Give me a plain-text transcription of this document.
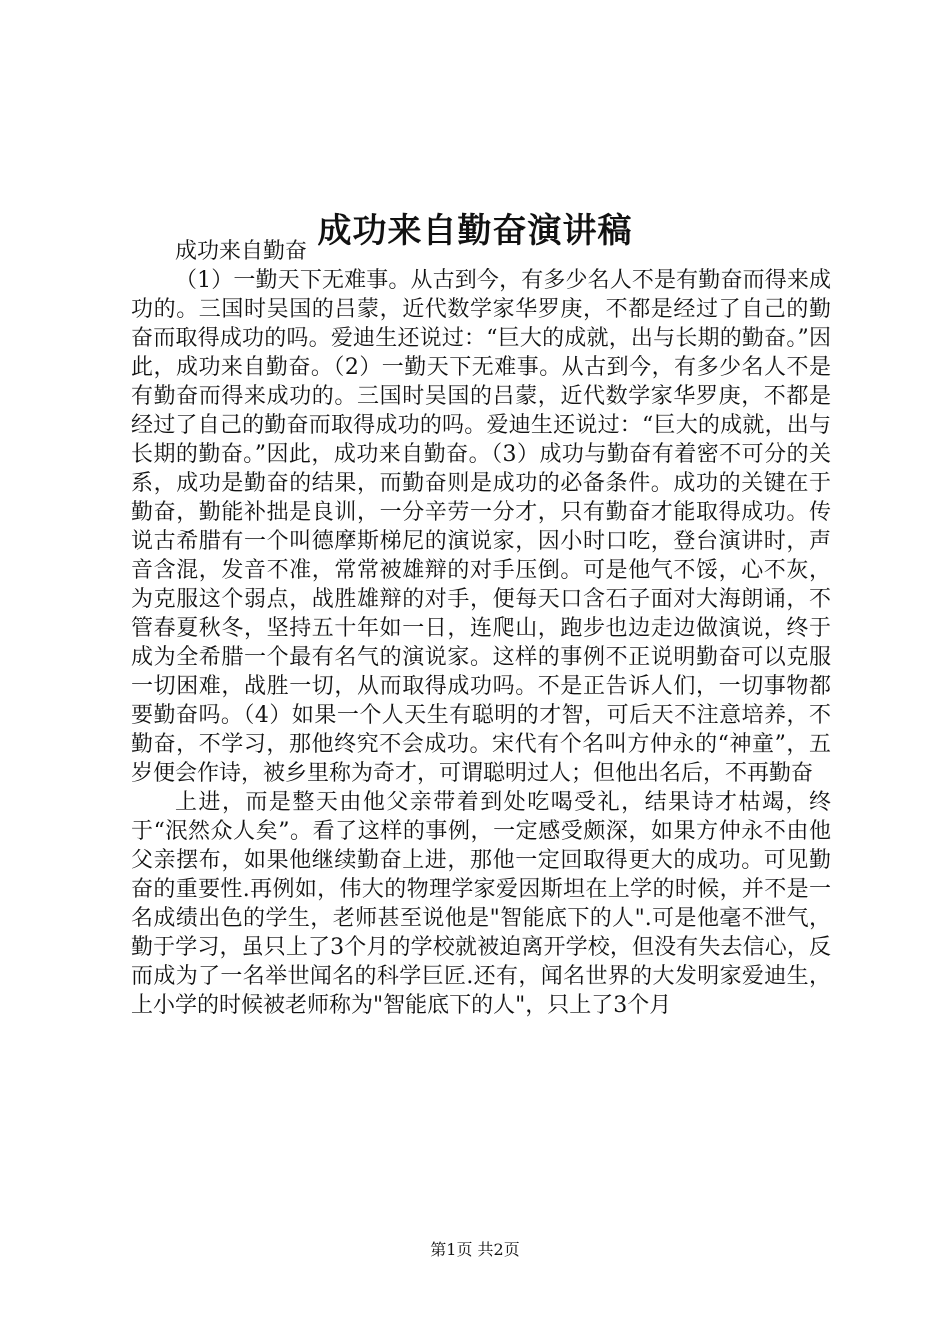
成功来自勤奋演讲稿

成功来自勤奋

（1）一勤天下无难事。从古到今，有多少名人不是有勤奋而得来成功的。三国时吴国的吕蒙，近代数学家华罗庚，不都是经过了自己的勤奋而取得成功的吗。爱迪生还说过：“巨大的成就，出与长期的勤奋。”因此，成功来自勤奋。（2）一勤天下无难事。从古到今，有多少名人不是有勤奋而得来成功的。三国时吴国的吕蒙，近代数学家华罗庚，不都是经过了自己的勤奋而取得成功的吗。爱迪生还说过：“巨大的成就，出与长期的勤奋。”因此，成功来自勤奋。（3）成功与勤奋有着密不可分的关系，成功是勤奋的结果，而勤奋则是成功的必备条件。成功的关键在于勤奋，勤能补拙是良训，一分辛劳一分才，只有勤奋才能取得成功。传说古希腊有一个叫德摩斯梯尼的演说家，因小时口吃，登台演讲时，声音含混，发音不准，常常被雄辩的对手压倒。可是他气不馁，心不灰，为克服这个弱点，战胜雄辩的对手，便每天口含石子面对大海朗诵，不管春夏秋冬，坚持五十年如一日，连爬山，跑步也边走边做演说，终于成为全希腊一个最有名气的演说家。这样的事例不正说明勤奋可以克服一切困难，战胜一切，从而取得成功吗。不是正告诉人们，一切事物都要勤奋吗。（4）如果一个人天生有聪明的才智，可后天不注意培养，不勤奋，不学习，那他终究不会成功。宋代有个名叫方仲永的“神童”，五岁便会作诗，被乡里称为奇才，可谓聪明过人；但他出名后，不再勤奋

上进，而是整天由他父亲带着到处吃喝受礼，结果诗才枯竭，终于“泯然众人矣”。看了这样的事例，一定感受颇深，如果方仲永不由他父亲摆布，如果他继续勤奋上进，那他一定回取得更大的成功。可见勤奋的重要性.再例如，伟大的物理学家爱因斯坦在上学的时候，并不是一名成绩出色的学生，老师甚至说他是"智能底下的人".可是他毫不泄气，勤于学习，虽只上了3个月的学校就被迫离开学校，但没有失去信心，反而成为了一名举世闻名的科学巨匠.还有，闻名世界的大发明家爱迪生，上小学的时候被老师称为"智能底下的人"，只上了3个月

第1页 共2页
